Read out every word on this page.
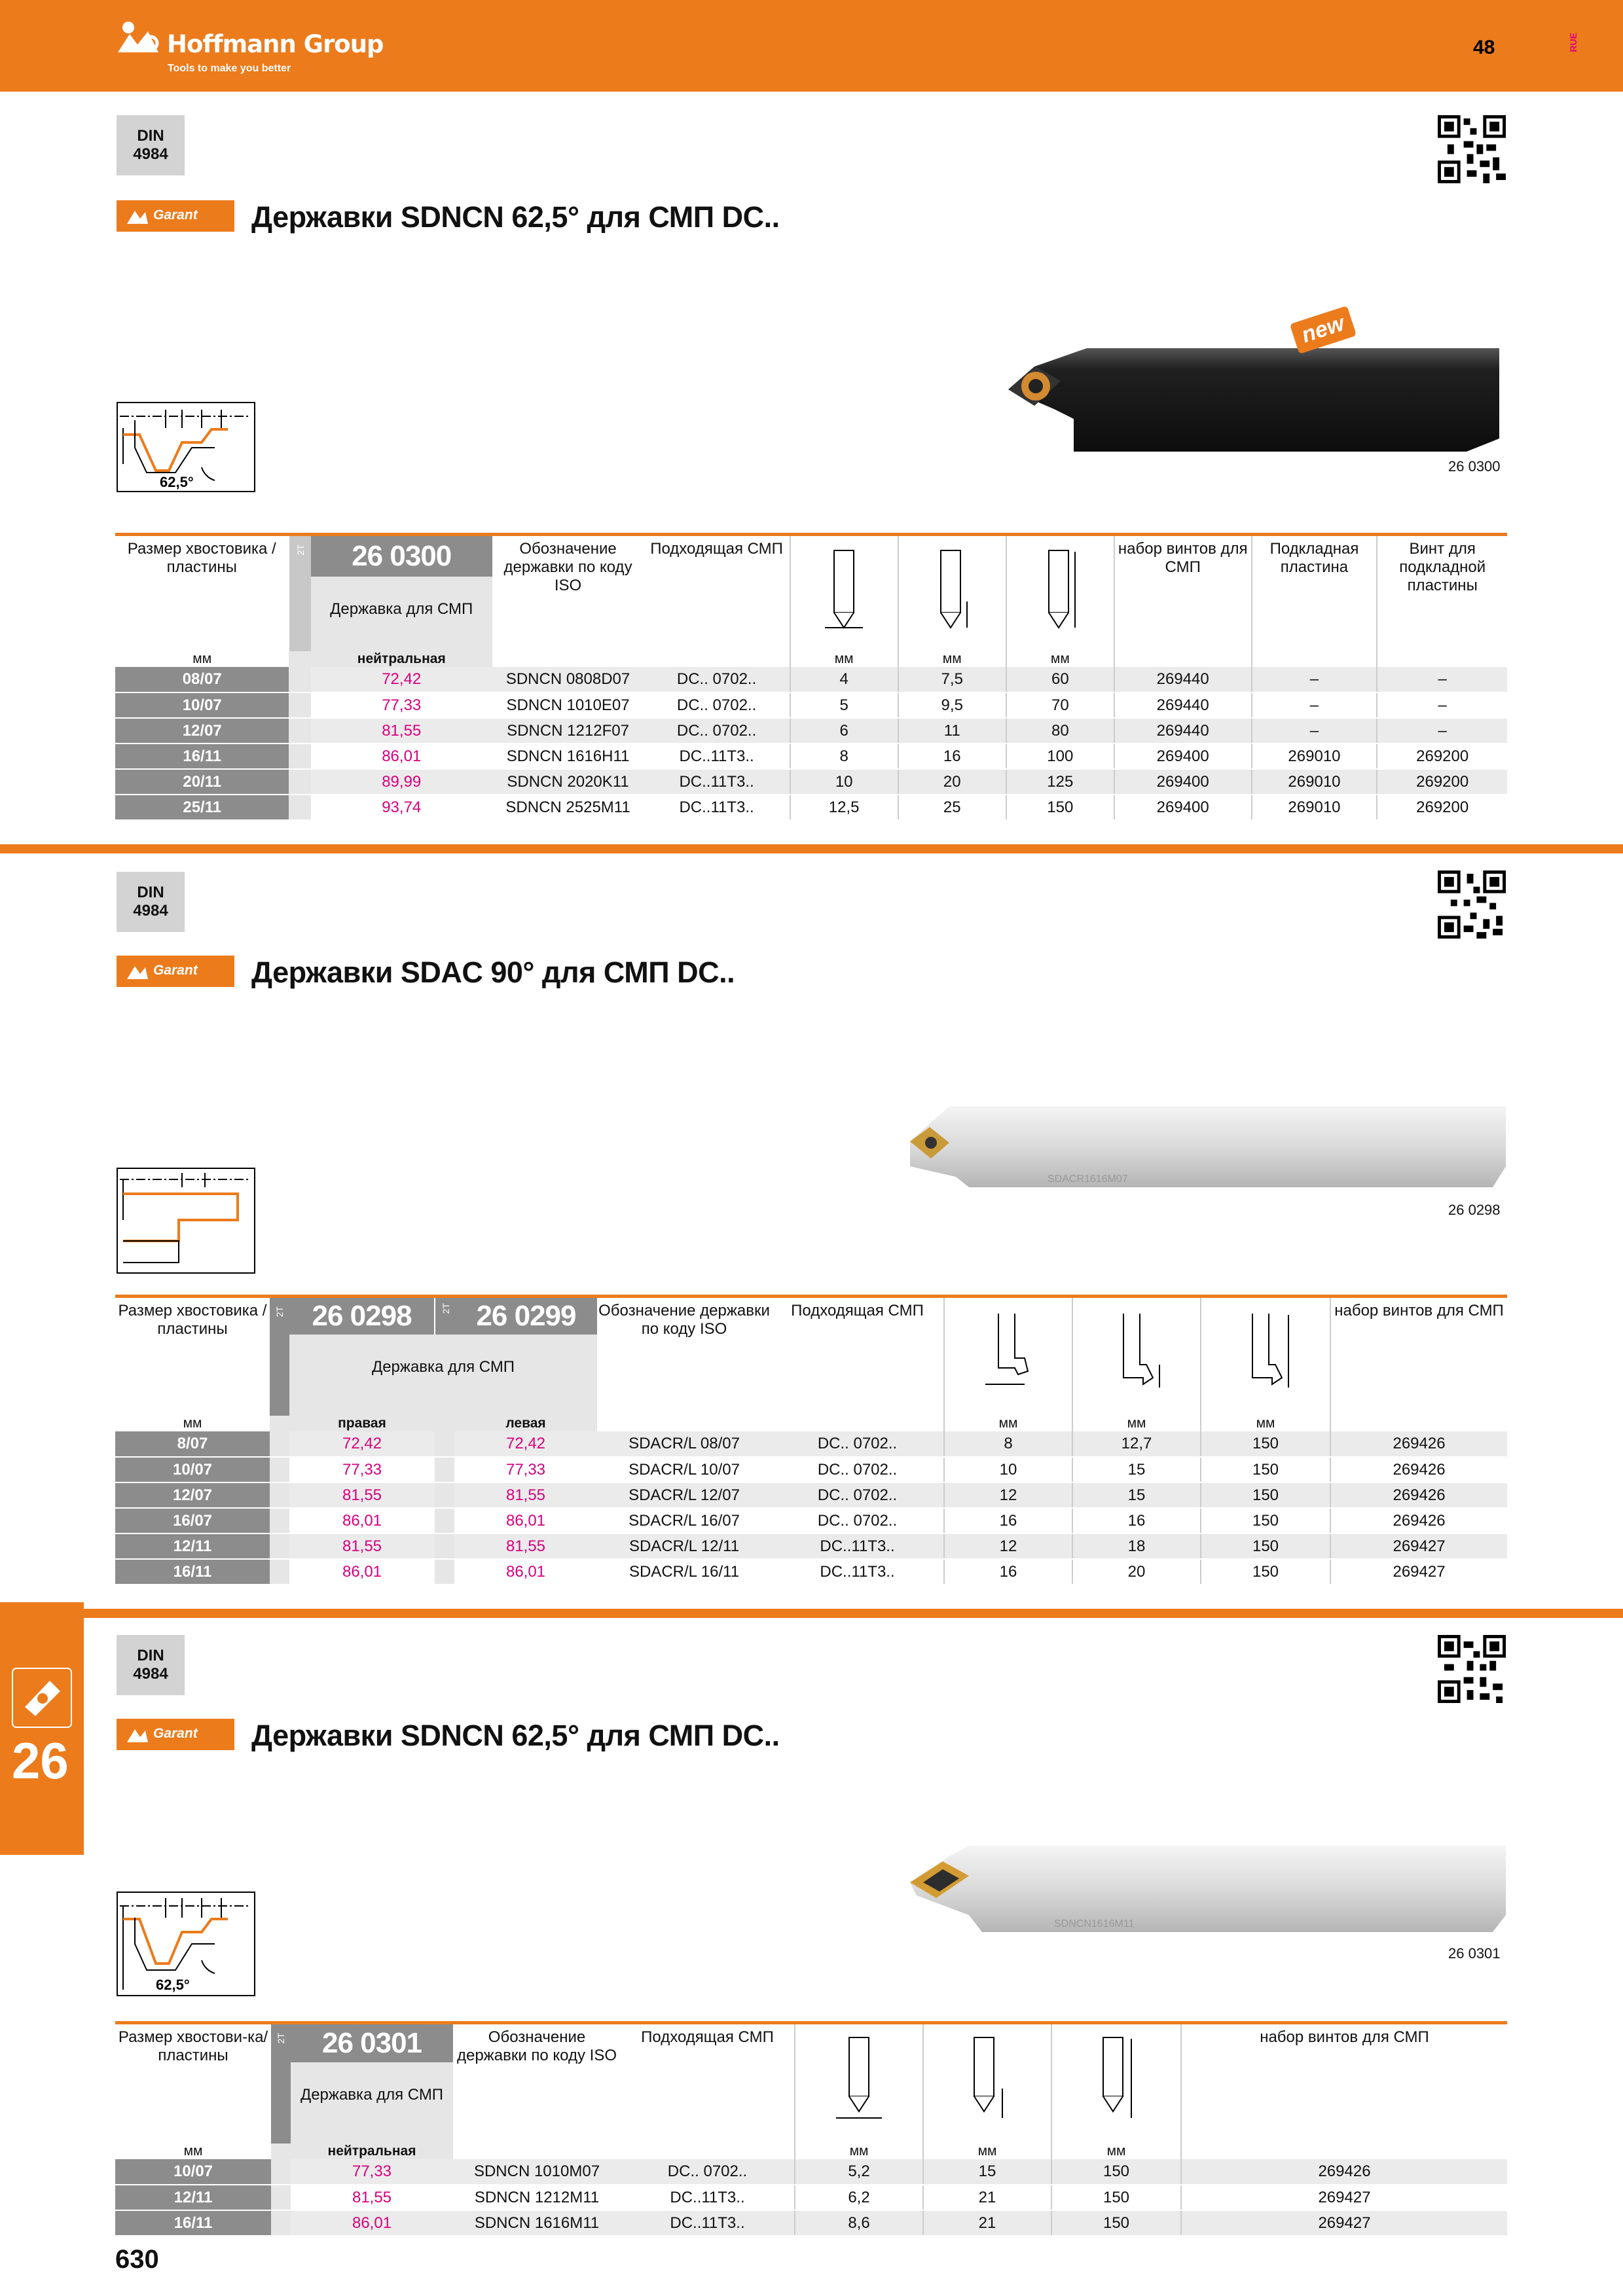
Hoffmann Group
Tools to make you better
48	RUE
DIN
4984
Garant	Державки SDNCN 62,5° для СМП DC..
62,5°
new
26 0300
Размер хвостовика / пластины	2T	26 0300
Державка для СМП	Обозначение державки по коду ISO	Подходящая СМП				набор винтов для СМП	Подкладная пластина	Винт для подкладной пластины
мм		нейтральная			мм	мм	мм			
08/07		72,42	SDNCN 0808D07	DC.. 0702..	4	7,5	60	269440	–	–
10/07		77,33	SDNCN 1010E07	DC.. 0702..	5	9,5	70	269440	–	–
12/07		81,55	SDNCN 1212F07	DC.. 0702..	6	11	80	269440	–	–
16/11		86,01	SDNCN 1616H11	DC..11T3..	8	16	100	269400	269010	269200
20/11		89,99	SDNCN 2020K11	DC..11T3..	10	20	125	269400	269010	269200
25/11		93,74	SDNCN 2525M11	DC..11T3..	12,5	25	150	269400	269010	269200
DIN
4984
Garant	Державки SDAC 90° для СМП DC..
SDACR1616M07
26 0298
Размер хвостовика / пластины	2T	26 0298 2T 26 0299
Державка для СМП			Обозначение державки по коду ISO	Подходящая СМП				набор винтов для СМП
мм		правая		левая			мм	мм	мм	
8/07		72,42		72,42	SDACR/L 08/07	DC.. 0702..	8	12,7	150	269426
10/07		77,33		77,33	SDACR/L 10/07	DC.. 0702..	10	15	150	269426
12/07		81,55		81,55	SDACR/L 12/07	DC.. 0702..	12	15	150	269426
16/07		86,01		86,01	SDACR/L 16/07	DC.. 0702..	16	16	150	269426
12/11		81,55		81,55	SDACR/L 12/11	DC..11T3..	12	18	150	269427
16/11		86,01		86,01	SDACR/L 16/11	DC..11T3..	16	20	150	269427
26
DIN
4984
Garant	Державки SDNCN 62,5° для СМП DC..
62,5°
SDNCN1616M11
26 0301
Размер хвостови-ка/ пластины	2T	26 0301
Державка для СМП	Обозначение державки по коду ISO	Подходящая СМП				набор винтов для СМП
мм		нейтральная			мм	мм	мм	
10/07		77,33	SDNCN 1010M07	DC.. 0702..	5,2	15	150	269426
12/11		81,55	SDNCN 1212M11	DC..11T3..	6,2	21	150	269427
16/11		86,01	SDNCN 1616M11	DC..11T3..	8,6	21	150	269427
630
